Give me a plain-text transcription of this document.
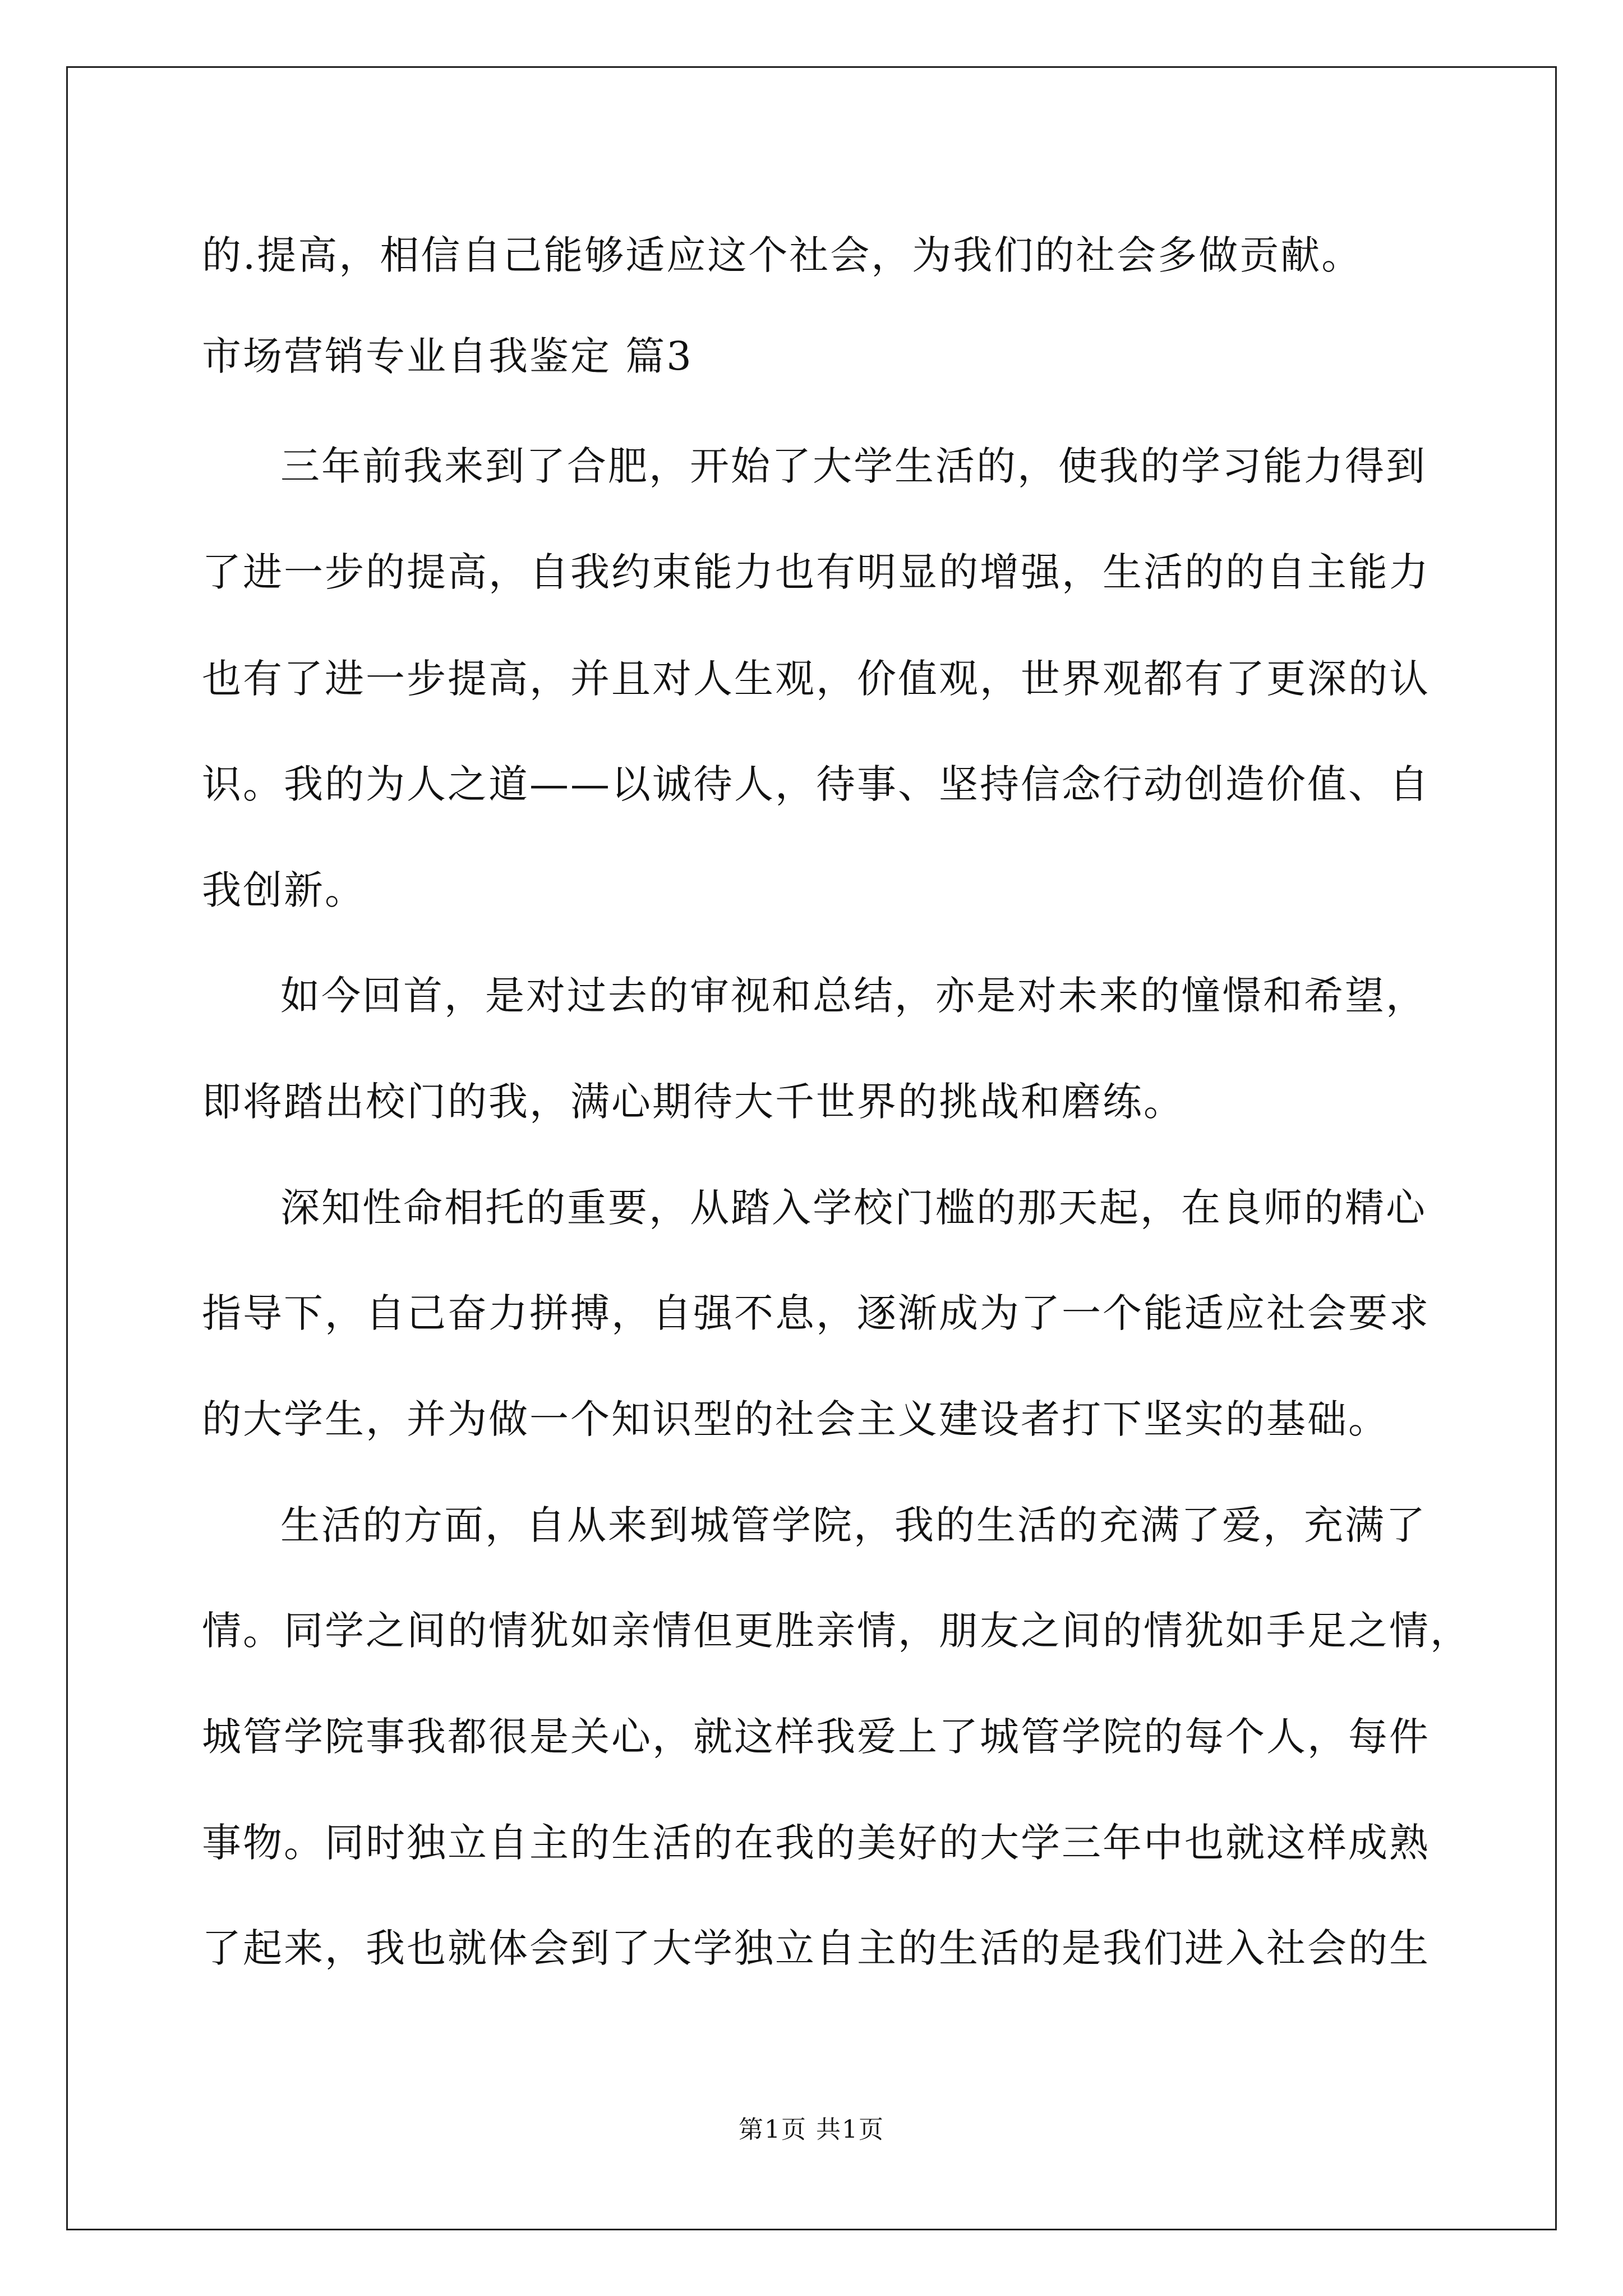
的.提高，相信自己能够适应这个社会，为我们的社会多做贡献。
市场营销专业自我鉴定 篇3
三年前我来到了合肥，开始了大学生活的，使我的学习能力得到
了进一步的提高，自我约束能力也有明显的增强，生活的的自主能力
也有了进一步提高，并且对人生观，价值观，世界观都有了更深的认
识。我的为人之道——以诚待人，待事、坚持信念行动创造价值、自
我创新。
如今回首，是对过去的审视和总结，亦是对未来的憧憬和希望，
即将踏出校门的我，满心期待大千世界的挑战和磨练。
深知性命相托的重要，从踏入学校门槛的那天起，在良师的精心
指导下，自己奋力拼搏，自强不息，逐渐成为了一个能适应社会要求
的大学生，并为做一个知识型的社会主义建设者打下坚实的基础。
生活的方面，自从来到城管学院，我的生活的充满了爱，充满了
情。同学之间的情犹如亲情但更胜亲情，朋友之间的情犹如手足之情，
城管学院事我都很是关心，就这样我爱上了城管学院的每个人，每件
事物。同时独立自主的生活的在我的美好的大学三年中也就这样成熟
了起来，我也就体会到了大学独立自主的生活的是我们进入社会的生
第1页 共1页
